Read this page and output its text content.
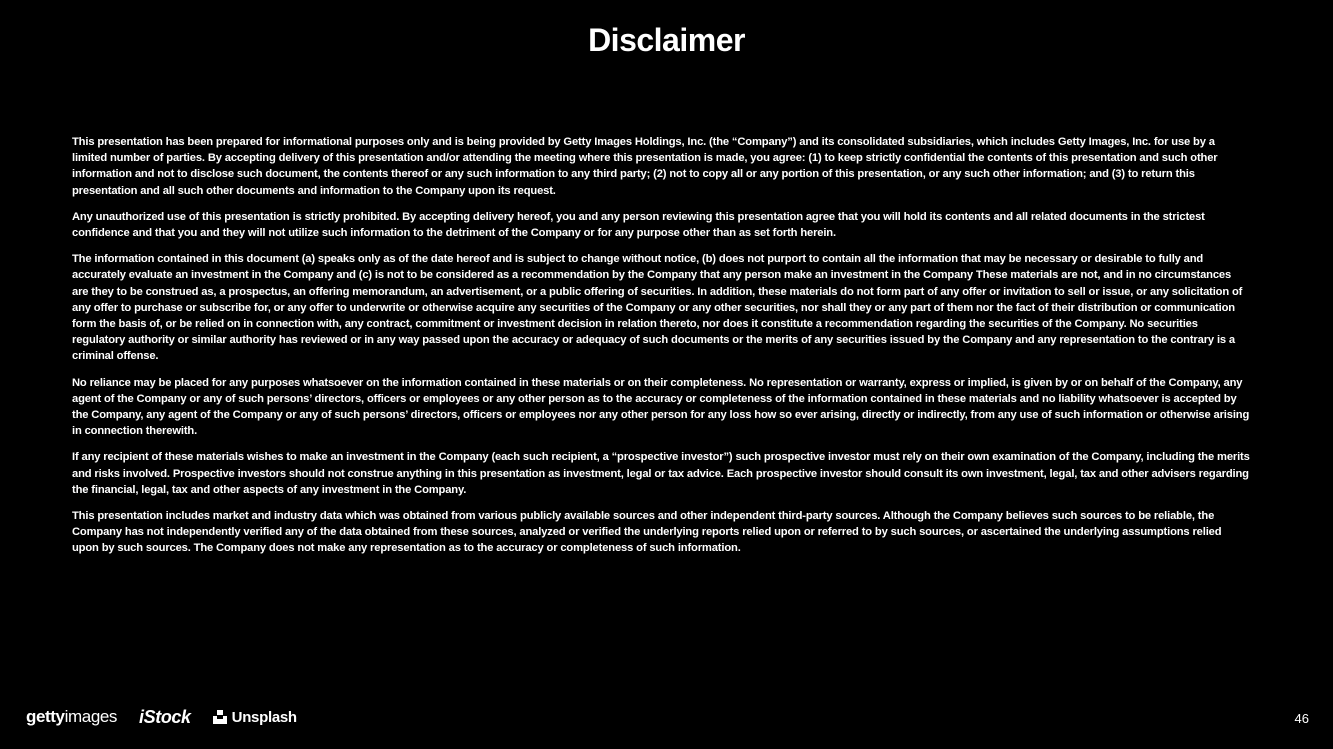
Disclaimer

This presentation has been prepared for informational purposes only and is being provided by Getty Images Holdings, Inc. (the “Company”) and its consolidated subsidiaries, which includes Getty Images, Inc. for use by a limited number of parties. By accepting delivery of this presentation and/or attending the meeting where this presentation is made, you agree: (1) to keep strictly confidential the contents of this presentation and such other information and not to disclose such document, the contents thereof or any such information to any third party; (2) not to copy all or any portion of this presentation, or any such other information; and (3) to return this presentation and all such other documents and information to the Company upon its request.

Any unauthorized use of this presentation is strictly prohibited. By accepting delivery hereof, you and any person reviewing this presentation agree that you will hold its contents and all related documents in the strictest confidence and that you and they will not utilize such information to the detriment of the Company or for any purpose other than as set forth herein.

The information contained in this document (a) speaks only as of the date hereof and is subject to change without notice, (b) does not purport to contain all the information that may be necessary or desirable to fully and accurately evaluate an investment in the Company and (c) is not to be considered as a recommendation by the Company that any person make an investment in the Company These materials are not, and in no circumstances are they to be construed as, a prospectus, an offering memorandum, an advertisement, or a public offering of securities. In addition, these materials do not form part of any offer or invitation to sell or issue, or any solicitation of any offer to purchase or subscribe for, or any offer to underwrite or otherwise acquire any securities of the Company or any other securities, nor shall they or any part of them nor the fact of their distribution or communication form the basis of, or be relied on in connection with, any contract, commitment or investment decision in relation thereto, nor does it constitute a recommendation regarding the securities of the Company. No securities regulatory authority or similar authority has reviewed or in any way passed upon the accuracy or adequacy of such documents or the merits of any securities issued by the Company and any representation to the contrary is a criminal offense.

No reliance may be placed for any purposes whatsoever on the information contained in these materials or on their completeness. No representation or warranty, express or implied, is given by or on behalf of the Company, any agent of the Company or any of such persons’ directors, officers or employees or any other person as to the accuracy or completeness of the information contained in these materials and no liability whatsoever is accepted by the Company, any agent of the Company or any of such persons’ directors, officers or employees nor any other person for any loss how so ever arising, directly or indirectly, from any use of such information or otherwise arising in connection therewith.

If any recipient of these materials wishes to make an investment in the Company (each such recipient, a “prospective investor”) such prospective investor must rely on their own examination of the Company, including the merits and risks involved. Prospective investors should not construe anything in this presentation as investment, legal or tax advice. Each prospective investor should consult its own investment, legal, tax and other advisers regarding the financial, legal, tax and other aspects of any investment in the Company.

This presentation includes market and industry data which was obtained from various publicly available sources and other independent third-party sources. Although the Company believes such sources to be reliable, the Company has not independently verified any of the data obtained from these sources, analyzed or verified the underlying reports relied upon or referred to by such sources, or ascertained the underlying assumptions relied upon by such sources. The Company does not make any representation as to the accuracy or completeness of such information.

gettyimages iStock	Unsplash	46
